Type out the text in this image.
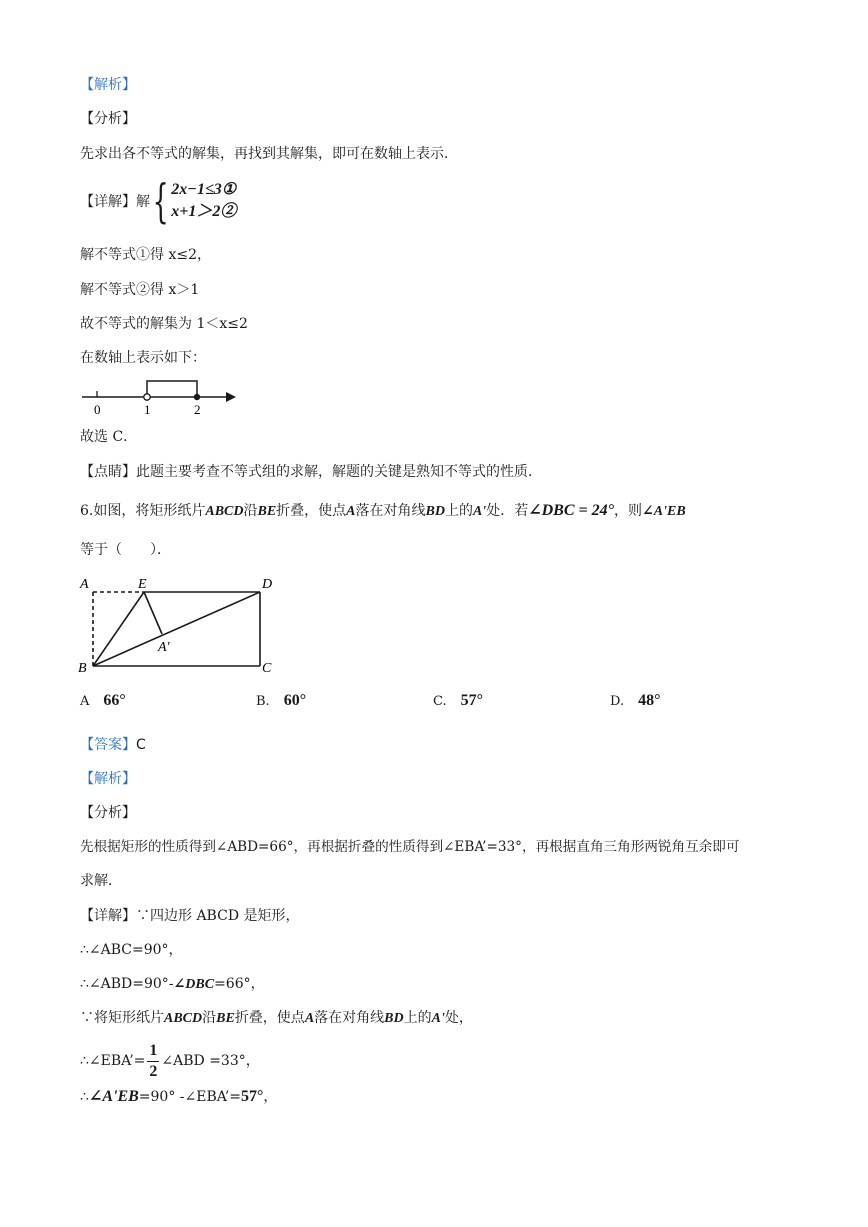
【解析】
【分析】
先求出各不等式的解集，再找到其解集，即可在数轴上表示．
【详解】解 { 2x−1≤3①
x+1＞2②
解不等式①得 x≤2，
解不等式②得 x＞1
故不等式的解集为 1＜x≤2
在数轴上表示如下：
0	1	2
故选 C．
【点睛】此题主要考查不等式组的求解，解题的关键是熟知不等式的性质．
6.如图，将矩形纸片ABCD沿BE折叠，使点A落在对角线BD上的A'处．若∠DBC = 24°，则∠A'EB
等于（　　）．
A	E	D
B	C
A'
A 66°	B. 60°	C. 57°	D. 48°
【答案】C
【解析】
【分析】
先根据矩形的性质得到∠ABD=66°，再根据折叠的性质得到∠EBA’=33°，再根据直角三角形两锐角互余即可
求解．
【详解】∵四边形 ABCD 是矩形，
∴∠ABC=90°，
∴∠ABD=90°-∠DBC=66°，
∵将矩形纸片ABCD沿BE折叠，使点A落在对角线BD上的A'处，
∴∠EBA’= $\frac{1}{2}$ ∠ABD =33°，
∴∠A'EB=90° -∠EBA’=57°，
